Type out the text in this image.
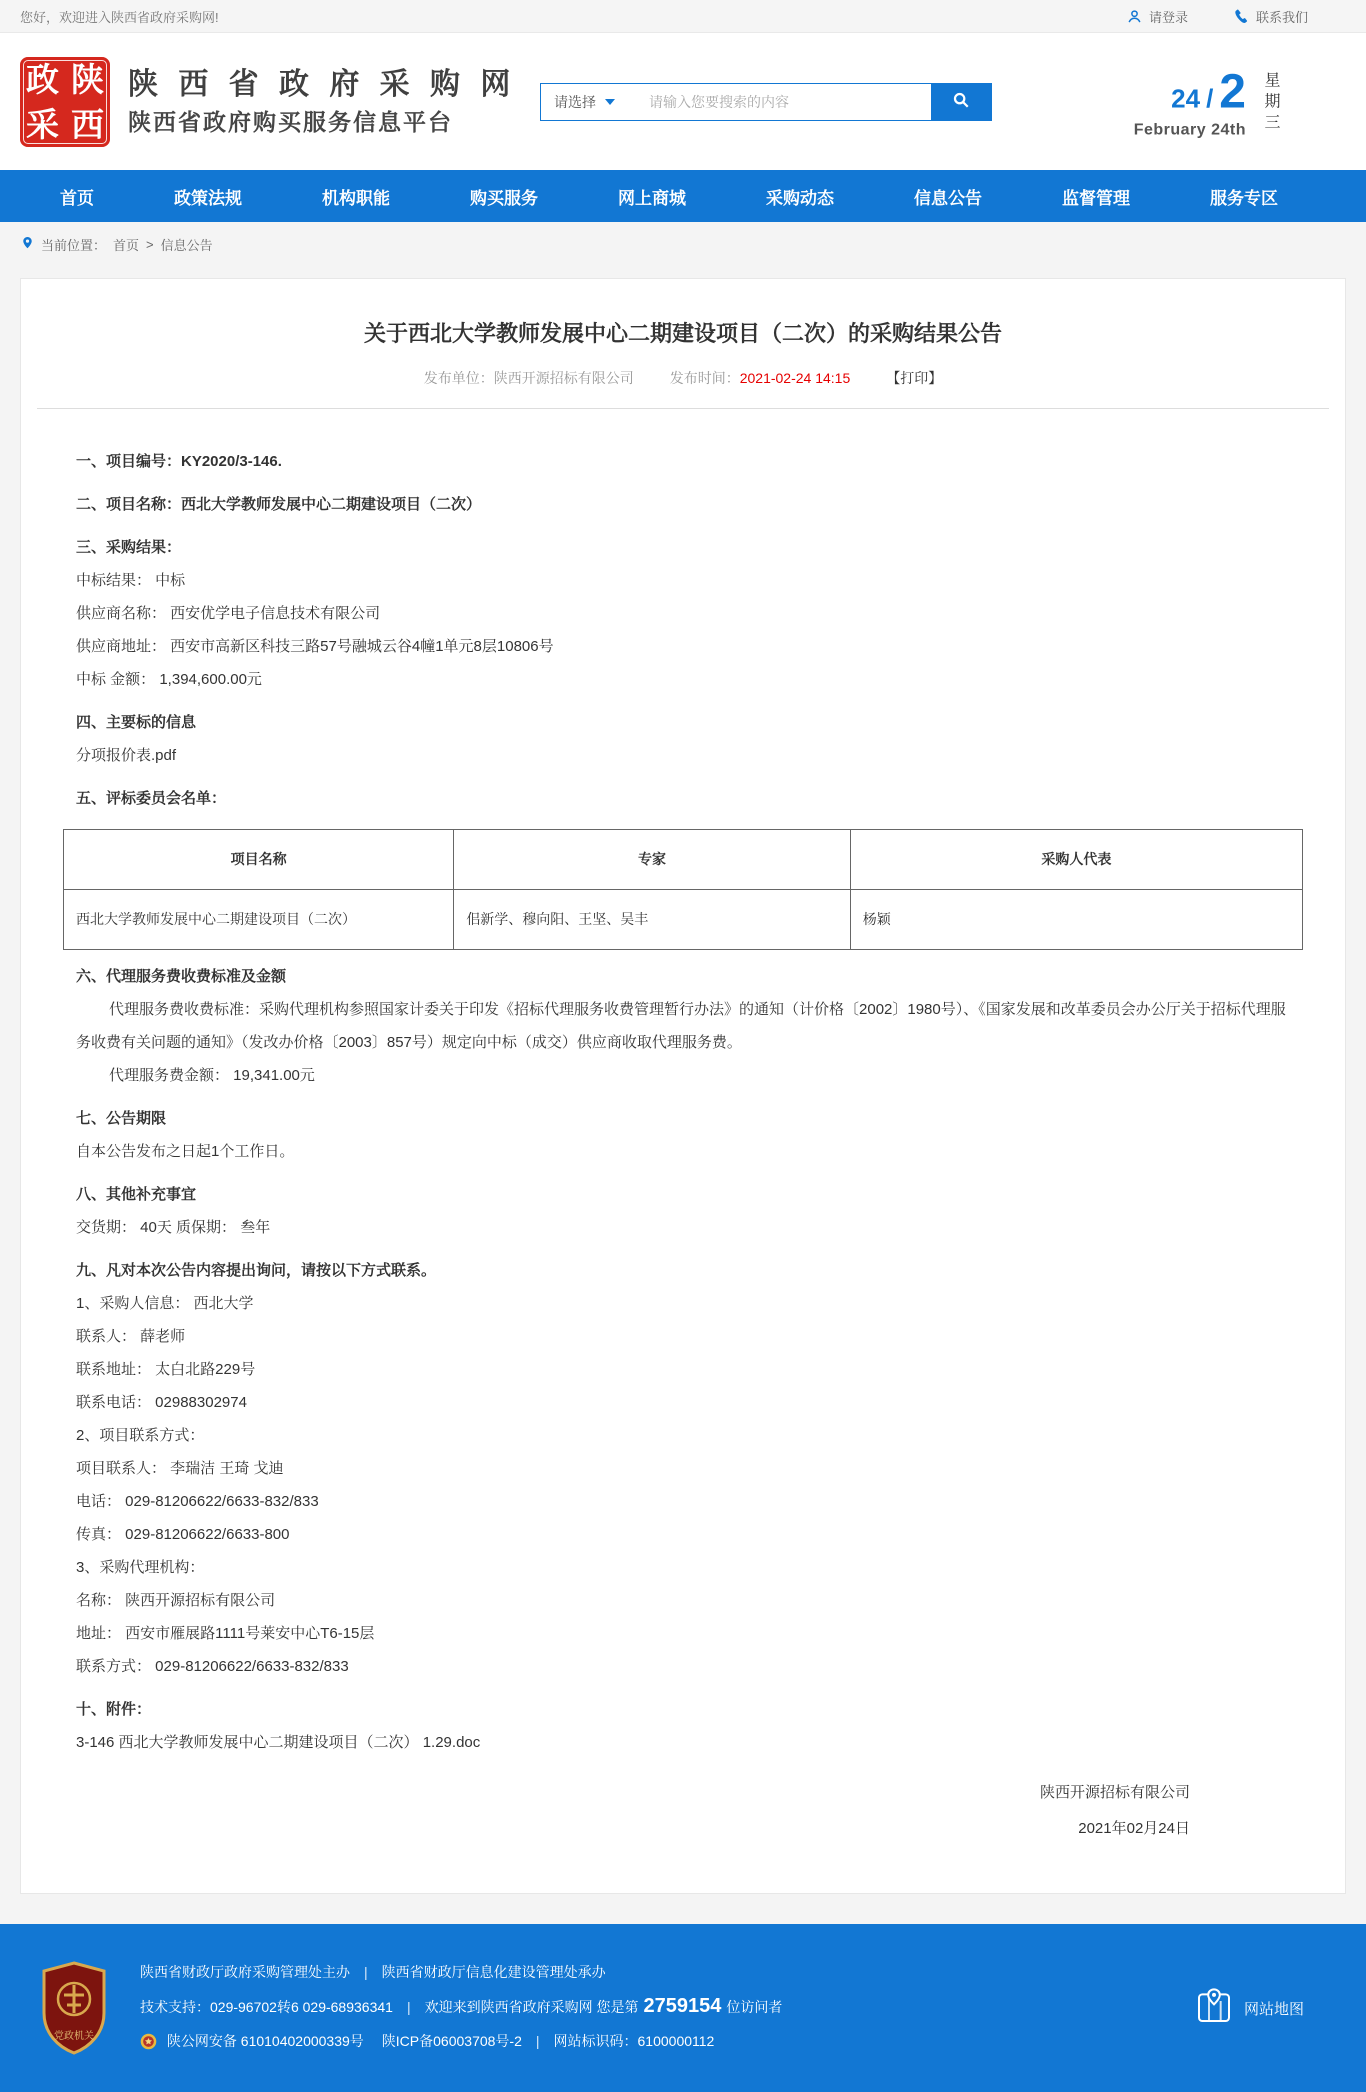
您好，欢迎进入陕西省政府采购网!	请登录	联系我们
政 陕
采 西
陕 西 省 政 府 采 购 网
陕西省政府购买服务信息平台
请选择
请输入您要搜索的内容	24 / 2
February 24th 星期三
首页	政策法规	机构职能	购买服务	网上商城	采购动态	信息公告	监督管理	服务专区
当前位置： 首页 > 信息公告
关于西北大学教师发展中心二期建设项目（二次）的采购结果公告
发布单位：陕西开源招标有限公司	发布时间：2021-02-24 14:15	【打印】

一、项目编号：KY2020/3-146.

二、项目名称：西北大学教师发展中心二期建设项目（二次）

三、采购结果：

中标结果： 中标

供应商名称： 西安优学电子信息技术有限公司

供应商地址： 西安市高新区科技三路57号融城云谷4幢1单元8层10806号

中标 金额： 1,394,600.00元

四、主要标的信息

分项报价表.pdf

五、评标委员会名单：

项目名称	专家	采购人代表
西北大学教师发展中心二期建设项目（二次）	佀新学、穆向阳、王坚、吴丰	杨颖

六、代理服务费收费标准及金额

代理服务费收费标准：采购代理机构参照国家计委关于印发《招标代理服务收费管理暂行办法》的通知（计价格〔2002〕1980号）、《国家发展和改革委员会办公厅关于招标代理服务收费有关问题的通知》（发改办价格〔2003〕857号）规定向中标（成交）供应商收取代理服务费。

代理服务费金额： 19,341.00元

七、公告期限

自本公告发布之日起1个工作日。

八、其他补充事宜

交货期： 40天 质保期： 叁年

九、凡对本次公告内容提出询问，请按以下方式联系。

1、采购人信息： 西北大学

联系人： 薛老师

联系地址： 太白北路229号

联系电话： 02988302974

2、项目联系方式：

项目联系人： 李瑞洁 王琦 戈迪

电话： 029-81206622/6633-832/833

传真： 029-81206622/6633-800

3、采购代理机构：

名称： 陕西开源招标有限公司

地址： 西安市雁展路1111号莱安中心T6-15层

联系方式： 029-81206622/6633-832/833

十、附件：

3-146 西北大学教师发展中心二期建设项目（二次） 1.29.doc

陕西开源招标有限公司
2021年02月24日
党政机关
陕西省财政厅政府采购管理处主办 | 陕西省财政厅信息化建设管理处承办
技术支持：029-96702转6 029-68936341 | 欢迎来到陕西省政府采购网 您是第 2759154 位访问者
陕公网安备 61010402000339号 陕ICP备06003708号-2 | 网站标识码：6100000112
网站地图
